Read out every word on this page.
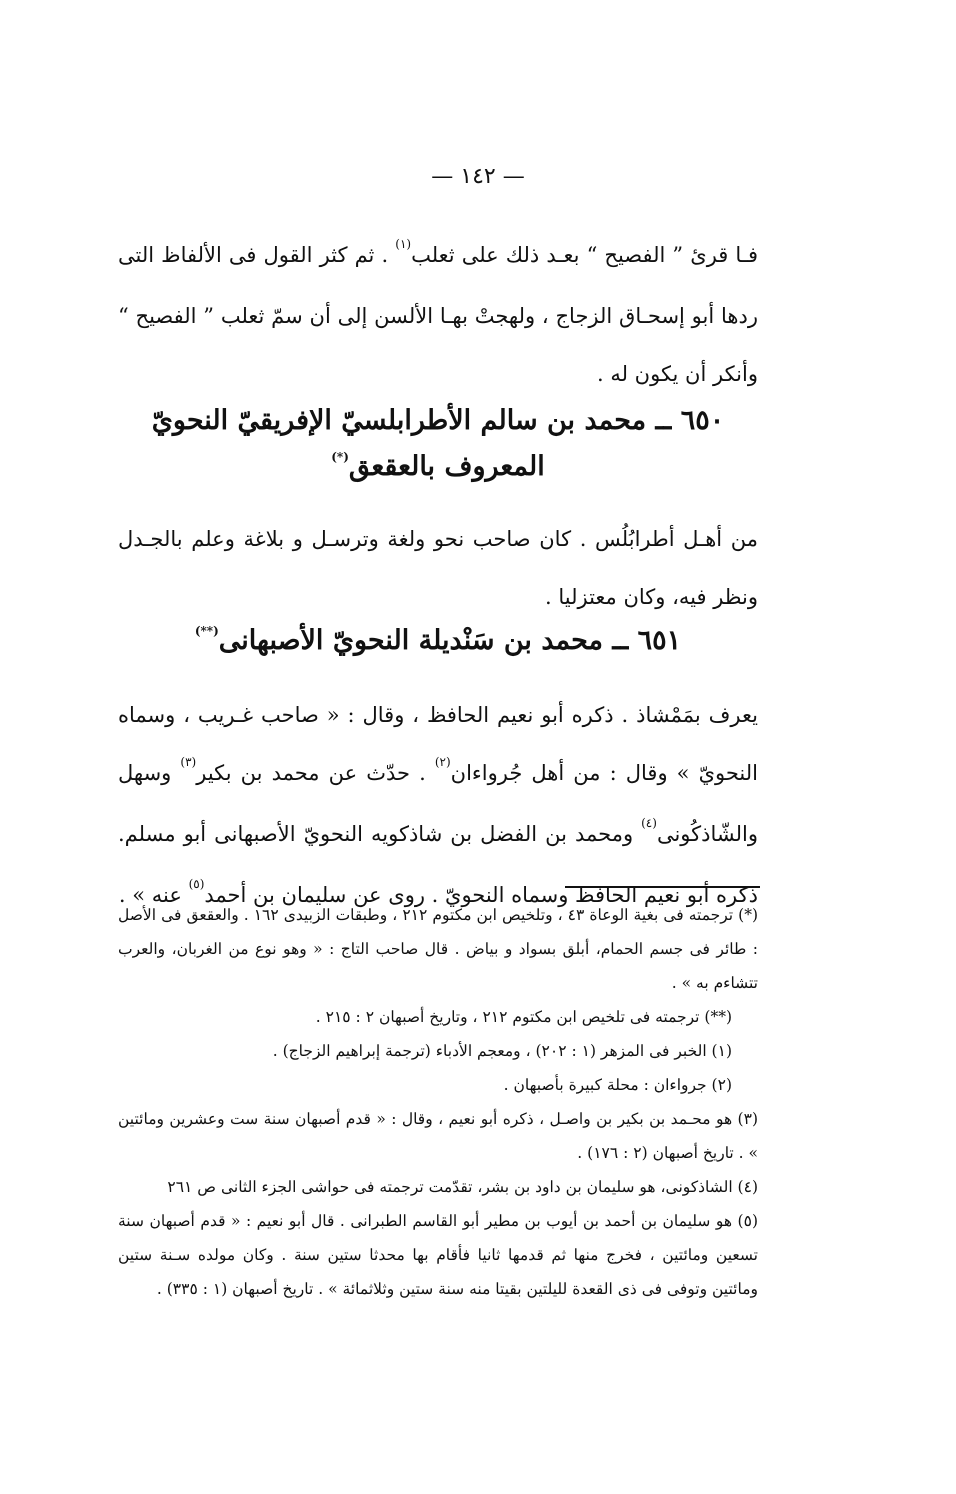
— ١٤٢ —
فـا قرئ ” الفصيح “ بعـد ذلك على ثعلب$^{(١)}$ . ثم كثر القول فى الألفاظ التى ردها أبو إسحـاق الزجاج ، ولهجتْ بهـا الألسن إلى أن سمّ ثعلب ” الفصيح “ وأنكر أن يكون له .
٦٥٠ ــ محمد بن سالم الأطرابلسيّ الإفريقيّ النحويّ
المعروف بالعقعق(*)
من أهـل أطرابُلُس . كان صاحب نحو ولغة وترسـل و بلاغة وعلم بالجـدل ونظر فيه، وكان معتزليا .
٦٥١ ــ محمد بن سَنْديلة النحويّ الأصبهانى(**)
يعرف بمَمْشاذ . ذكره أبو نعيم الحافظ ، وقال : « صاحب غـريب ، وسماه النحويّ » وقال : من أهل جُرواءان$^{(٢)}$ . حدّث عن محمد بن بكير$^{(٣)}$ وسهل والشّاذكُونى$^{(٤)}$ ومحمد بن الفضل بن شاذكويه النحويّ الأصبهانى أبو مسلم. ذكره أبو نعيم الحافظ وسماه النحويّ . روى عن سليمان بن أحمد$^{(٥)}$ عنه » .
(*) ترجمته فى بغية الوعاة ٤٣ ، وتلخيص ابن مكتوم ٢١٢ ، وطبقات الزبيدى ١٦٢ . والعقعق فى الأصل : طائر فى جسم الحمام، أبلق بسواد و بياض . قال صاحب التاج : « وهو نوع من الغربان، والعرب تتشاءم به » .
(**) ترجمته فى تلخيص ابن مكتوم ٢١٢ ، وتاريخ أصبهان ٢ : ٢١٥ .
(١) الخبر فى المزهر (١ : ٢٠٢) ، ومعجم الأدباء (ترجمة إبراهيم الزجاج) .
(٢) جرواءان : محلة كبيرة بأصبهان .
(٣) هو محـمد بن بكير بن واصـل ، ذكره أبو نعيم ، وقال : « قدم أصبهان سنة ست وعشرين ومائتين » . تاريخ أصبهان (٢ : ١٧٦) .
(٤) الشاذكونى، هو سليمان بن داود بن بشر، تقدّمت ترجمته فى حواشى الجزء الثانى ص ٢٦١
(٥) هو سليمان بن أحمد بن أيوب بن مطير أبو القاسم الطبرانى . قال أبو نعيم : « قدم أصبهان سنة تسعين ومائتين ، فخرج منها ثم قدمها ثانيا فأقام بها محدثا ستين سنة . وكان مولده سـنة ستين ومائتين وتوفى فى ذى القعدة لليلتين بقيتا منه سنة ستين وثلاثمائة » . تاريخ أصبهان (١ : ٣٣٥) .
